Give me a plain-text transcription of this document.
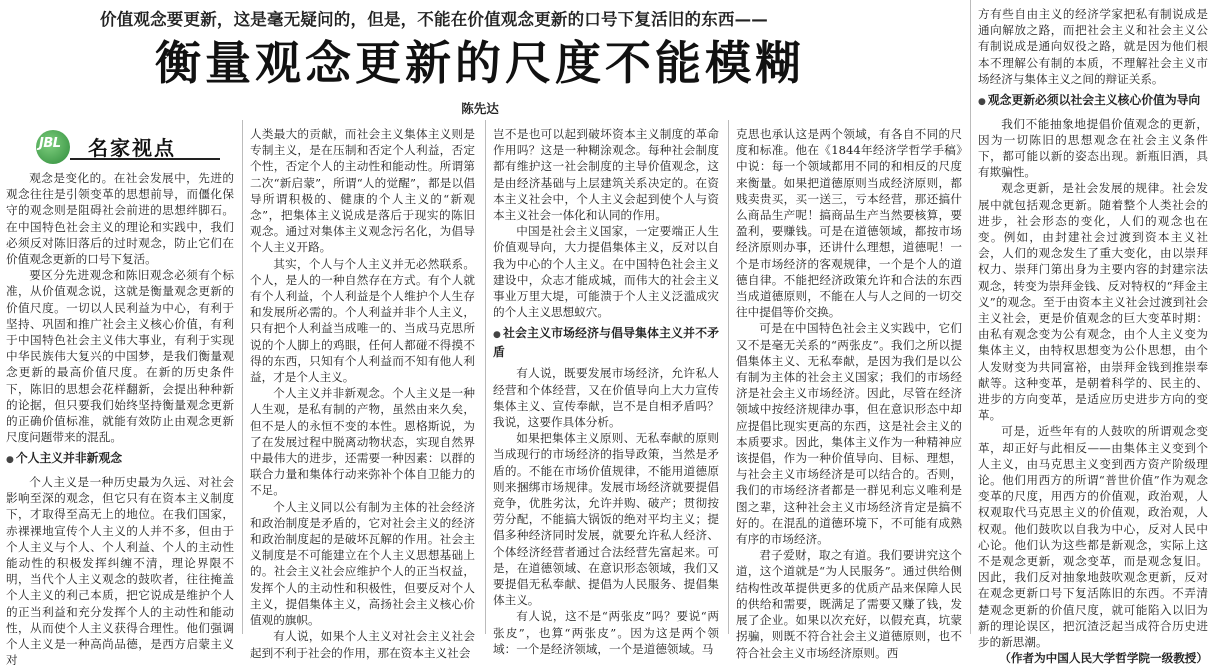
价值观念要更新，这是毫无疑问的，但是，不能在价值观念更新的口号下复活旧的东西——
衡量观念更新的尺度不能模糊
陈先达
JBL 名家视点

观念是变化的。在社会发展中，先进的观念往往是引领变革的思想前导，而僵化保守的观念则是阻碍社会前进的思想绊脚石。在中国特色社会主义的理论和实践中，我们必须反对陈旧落后的过时观念，防止它们在价值观念更新的口号下复活。

要区分先进观念和陈旧观念必须有个标准，从价值观念说，这就是衡量观念更新的价值尺度。一切以人民利益为中心，有利于坚持、巩固和推广社会主义核心价值，有利于中国特色社会主义伟大事业，有利于实现中华民族伟大复兴的中国梦，是我们衡量观念更新的最高价值尺度。在新的历史条件下，陈旧的思想会花样翻新，会提出种种新的论据，但只要我们始终坚持衡量观念更新的正确价值标准，就能有效防止由观念更新尺度问题带来的混乱。

● 个人主义并非新观念

个人主义是一种历史最为久远、对社会影响至深的观念，但它只有在资本主义制度下，才取得至高无上的地位。在我们国家，赤裸裸地宣传个人主义的人并不多，但由于个人主义与个人、个人利益、个人的主动性能动性的积极发挥纠缠不清，理论界限不明，当代个人主义观念的鼓吹者，往往掩盖个人主义的利己本质，把它说成是维护个人的正当利益和充分发挥个人的主动性和能动性，从而使个人主义获得合理性。他们强调个人主义是一种高尚品德，是西方启蒙主义对

人类最大的贡献，而社会主义集体主义则是专制主义，是在压制和否定个人利益，否定个性，否定个人的主动性和能动性。所谓第二次“新启蒙”，所谓“人的觉醒”，都是以倡导所谓积极的、健康的个人主义的“新观念”，把集体主义说成是落后于现实的陈旧观念。通过对集体主义观念污名化，为倡导个人主义开路。

其实，个人与个人主义并无必然联系。个人，是人的一种自然存在方式。有个人就有个人利益，个人利益是个人维护个人生存和发展所必需的。个人利益并非个人主义，只有把个人利益当成唯一的、当成马克思所说的个人脚上的鸡眼，任何人都碰不得摸不得的东西，只知有个人利益而不知有他人利益，才是个人主义。

个人主义并非新观念。个人主义是一种人生观，是私有制的产物，虽然由来久矣，但不是人的永恒不变的本性。恩格斯说，为了在发展过程中脱离动物状态，实现自然界中最伟大的进步，还需要一种因素：以群的联合力量和集体行动来弥补个体自卫能力的不足。

个人主义同以公有制为主体的社会经济和政治制度是矛盾的，它对社会主义的经济和政治制度起的是破坏瓦解的作用。社会主义制度是不可能建立在个人主义思想基础上的。社会主义社会应维护个人的正当权益，发挥个人的主动性和积极性，但要反对个人主义，提倡集体主义，高扬社会主义核心价值观的旗帜。

有人说，如果个人主义对社会主义社会起到不利于社会的作用，那在资本主义社会

岂不是也可以起到破坏资本主义制度的革命作用吗？这是一种糊涂观念。每种社会制度都有维护这一社会制度的主导价值观念，这是由经济基础与上层建筑关系决定的。在资本主义社会中，个人主义会起到使个人与资本主义社会一体化和认同的作用。

中国是社会主义国家，一定要端正人生价值观导向，大力提倡集体主义，反对以自我为中心的个人主义。在中国特色社会主义建设中，众志才能成城，而伟大的社会主义事业万里大堤，可能溃于个人主义泛滥成灾的个人主义思想蚁穴。

● 社会主义市场经济与倡导集体主义并不矛盾

有人说，既要发展市场经济，允许私人经营和个体经营，又在价值导向上大力宣传集体主义、宣传奉献，岂不是自相矛盾吗？我说，这要作具体分析。

如果把集体主义原则、无私奉献的原则当成现行的市场经济的指导政策，当然是矛盾的。不能在市场价值规律，不能用道德原则来捆绑市场规律。发展市场经济就要提倡竞争，优胜劣汰，允许并购、破产；贯彻按劳分配，不能搞大锅饭的绝对平均主义；提倡多种经济同时发展，就要允许私人经济、个体经济经营者通过合法经营先富起来。可是，在道德领域、在意识形态领域，我们又要提倡无私奉献、提倡为人民服务、提倡集体主义。

有人说，这不是“两张皮”吗？要说“两张皮”，也算“两张皮”。因为这是两个领域：一个是经济领域，一个是道德领域。马

克思也承认这是两个领域，有各自不同的尺度和标准。他在《1844年经济学哲学手稿》中说：每一个领域都用不同的和相反的尺度来衡量。如果把道德原则当成经济原则，都贱卖贵买，买一送三，亏本经营，那还搞什么商品生产呢！搞商品生产当然要核算，要盈利，要赚钱。可是在道德领域，都按市场经济原则办事，还讲什么理想，道德呢！一个是市场经济的客观规律，一个是个人的道德自律。不能把经济政策允许和合法的东西当成道德原则，不能在人与人之间的一切交往中提倡等价交换。

可是在中国特色社会主义实践中，它们又不是毫无关系的“两张皮”。我们之所以提倡集体主义、无私奉献，是因为我们是以公有制为主体的社会主义国家；我们的市场经济是社会主义市场经济。因此，尽管在经济领域中按经济规律办事，但在意识形态中却应提倡比现实更高的东西，这是社会主义的本质要求。因此，集体主义作为一种精神应该提倡，作为一种价值导向、目标、理想，与社会主义市场经济是可以结合的。否则，我们的市场经济者都是一群见利忘义唯利是图之辈，这种社会主义市场经济肯定是搞不好的。在混乱的道德环境下，不可能有成熟有序的市场经济。

君子爱财，取之有道。我们要讲究这个道，这个道就是“为人民服务”。通过供给侧结构性改革提供更多的优质产品来保障人民的供给和需要，既满足了需要又赚了钱，发展了企业。如果以次充好，以假充真，坑蒙拐骗，则既不符合社会主义道德原则，也不符合社会主义市场经济原则。西

方有些自由主义的经济学家把私有制说成是通向解放之路，而把社会主义和社会主义公有制说成是通向奴役之路，就是因为他们根本不理解公有制的本质，不理解社会主义市场经济与集体主义之间的辩证关系。

● 观念更新必须以社会主义核心价值为导向

我们不能抽象地提倡价值观念的更新，因为一切陈旧的思想观念在社会主义条件下，都可能以新的姿态出现。新瓶旧酒，具有欺骗性。

观念更新，是社会发展的规律。社会发展中就包括观念更新。随着整个人类社会的进步，社会形态的变化，人们的观念也在变。例如，由封建社会过渡到资本主义社会，人们的观念发生了重大变化，由以崇拜权力、崇拜门第出身为主要内容的封建宗法观念，转变为崇拜金钱、反对特权的“拜金主义”的观念。至于由资本主义社会过渡到社会主义社会，更是价值观念的巨大变革时期：由私有观念变为公有观念，由个人主义变为集体主义，由特权思想变为公仆思想，由个人发财变为共同富裕，由崇拜金钱到推崇奉献等。这种变革，是朝着科学的、民主的、进步的方向变革，是适应历史进步方向的变革。

可是，近些年有的人鼓吹的所谓观念变革，却正好与此相反——由集体主义变到个人主义，由马克思主义变到西方资产阶级理论。他们用西方的所谓“普世价值”作为观念变革的尺度，用西方的价值观，政治观，人权观取代马克思主义的价值观，政治观，人权观。他们鼓吹以自我为中心，反对人民中心论。他们认为这些都是新观念，实际上这不是观念更新，观念变革，而是观念复旧。因此，我们反对抽象地鼓吹观念更新，反对在观念更新口号下复活陈旧的东西。不弄清楚观念更新的价值尺度，就可能陷入以旧为新的理论误区，把沉渣泛起当成符合历史进步的新思潮。

（作者为中国人民大学哲学院一级教授）
